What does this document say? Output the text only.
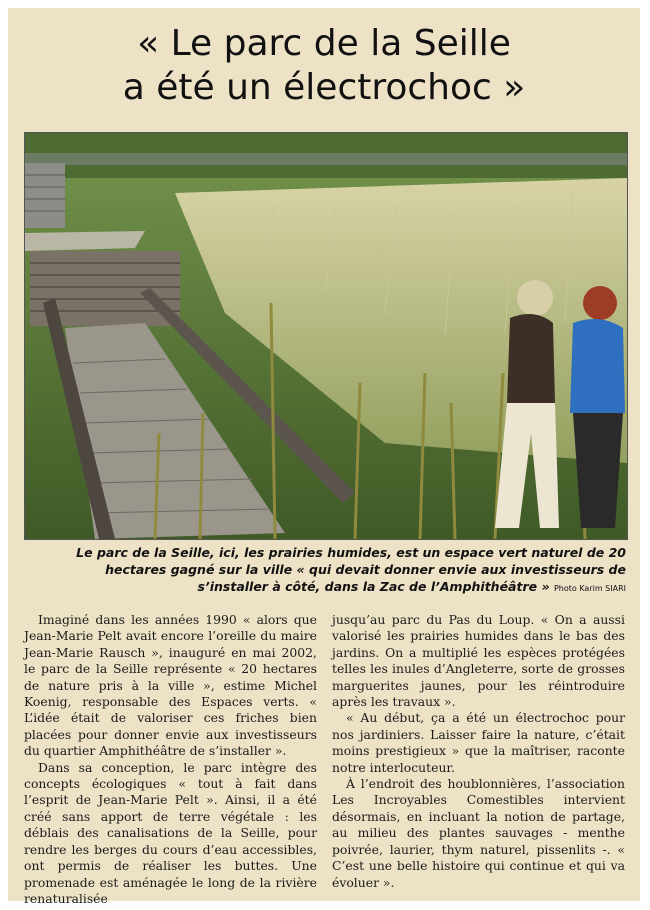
« Le parc de la Seille
a été un électrochoc »
Le parc de la Seille, ici, les prairies humides, est un espace vert naturel de 20 hectares gagné sur la ville « qui devait donner envie aux investisseurs de s’installer à côté, dans la Zac de l’Amphithéâtre » Photo Karim SIARI

Imaginé dans les années 1990 « alors que Jean-Marie Pelt avait encore l’oreille du maire Jean-Marie Rausch », inauguré en mai 2002, le parc de la Seille représente « 20 hectares de nature pris à la ville », estime Michel Koenig, responsable des Espaces verts. « L’idée était de valoriser ces friches bien placées pour donner envie aux investisseurs du quartier Amphithéâtre de s’installer ».

Dans sa conception, le parc intègre des concepts écologiques « tout à fait dans l’esprit de Jean-Marie Pelt ». Ainsi, il a été créé sans apport de terre végétale : les déblais des canalisations de la Seille, pour rendre les berges du cours d’eau accessibles, ont permis de réaliser les buttes. Une promenade est aménagée le long de la rivière renaturalisée

jusqu’au parc du Pas du Loup. « On a aussi valorisé les prairies humides dans le bas des jardins. On a multiplié les espèces protégées telles les inules d’Angleterre, sorte de grosses marguerites jaunes, pour les réintroduire après les travaux ».

« Au début, ça a été un électrochoc pour nos jardiniers. Laisser faire la nature, c’était moins prestigieux » que la maîtriser, raconte notre interlocuteur.

À l’endroit des houblonnières, l’association Les Incroyables Comestibles intervient désormais, en incluant la notion de partage, au milieu des plantes sauvages - menthe poivrée, laurier, thym naturel, pissenlits -. « C’est une belle histoire qui continue et qui va évoluer ».
